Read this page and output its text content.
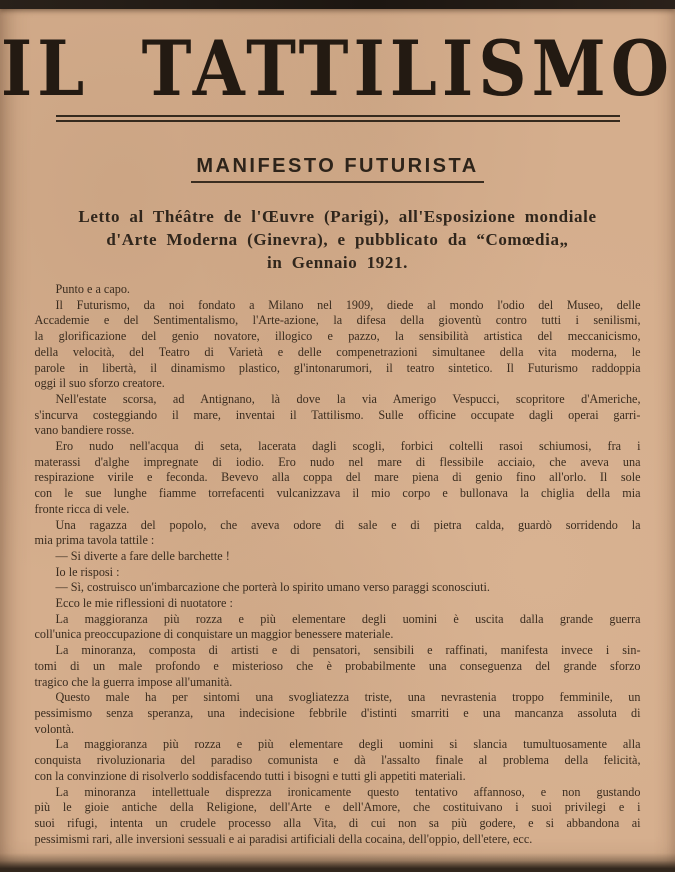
IL TATTILISMO
MANIFESTO FUTURISTA
Letto al Théâtre de l'Œuvre (Parigi), all'Esposizione mondiale
d'Arte Moderna (Ginevra), e pubblicato da “Comœdia„
in Gennaio 1921.
Punto e a capo.
Il Futurismo, da noi fondato a Milano nel 1909, diede al mondo l'odio del Museo, delle
Accademie e del Sentimentalismo, l'Arte-azione, la difesa della gioventù contro tutti i senilismi,
la glorificazione del genio novatore, illogico e pazzo, la sensibilità artistica del meccanicismo,
della velocità, del Teatro di Varietà e delle compenetrazioni simultanee della vita moderna, le
parole in libertà, il dinamismo plastico, gl'intonarumori, il teatro sintetico. Il Futurismo raddoppia
oggi il suo sforzo creatore.
Nell'estate scorsa, ad Antignano, là dove la via Amerigo Vespucci, scopritore d'Americhe,
s'incurva costeggiando il mare, inventai il Tattilismo. Sulle officine occupate dagli operai garri-
vano bandiere rosse.
Ero nudo nell'acqua di seta, lacerata dagli scogli, forbici coltelli rasoi schiumosi, fra i
materassi d'alghe impregnate di iodio. Ero nudo nel mare di flessibile acciaio, che aveva una
respirazione virile e feconda. Bevevo alla coppa del mare piena di genio fino all'orlo. Il sole
con le sue lunghe fiamme torrefacenti vulcanizzava il mio corpo e bullonava la chiglia della mia
fronte ricca di vele.
Una ragazza del popolo, che aveva odore di sale e di pietra calda, guardò sorridendo la
mia prima tavola tattile :
— Si diverte a fare delle barchette !
Io le risposi :
— Sì, costruisco un'imbarcazione che porterà lo spirito umano verso paraggi sconosciuti.
Ecco le mie riflessioni di nuotatore :
La maggioranza più rozza e più elementare degli uomini è uscita dalla grande guerra
coll'unica preoccupazione di conquistare un maggior benessere materiale.
La minoranza, composta di artisti e di pensatori, sensibili e raffinati, manifesta invece i sin-
tomi di un male profondo e misterioso che è probabilmente una conseguenza del grande sforzo
tragico che la guerra impose all'umanità.
Questo male ha per sintomi una svogliatezza triste, una nevrastenia troppo femminile, un
pessimismo senza speranza, una indecisione febbrile d'istinti smarriti e una mancanza assoluta di
volontà.
La maggioranza più rozza e più elementare degli uomini si slancia tumultuosamente alla
conquista rivoluzionaria del paradiso comunista e dà l'assalto finale al problema della felicità,
con la convinzione di risolverlo soddisfacendo tutti i bisogni e tutti gli appetiti materiali.
La minoranza intellettuale disprezza ironicamente questo tentativo affannoso, e non gustando
più le gioie antiche della Religione, dell'Arte e dell'Amore, che costituivano i suoi privilegi e i
suoi rifugi, intenta un crudele processo alla Vita, di cui non sa più godere, e si abbandona ai
pessimismi rari, alle inversioni sessuali e ai paradisi artificiali della cocaina, dell'oppio, dell'etere, ecc.
